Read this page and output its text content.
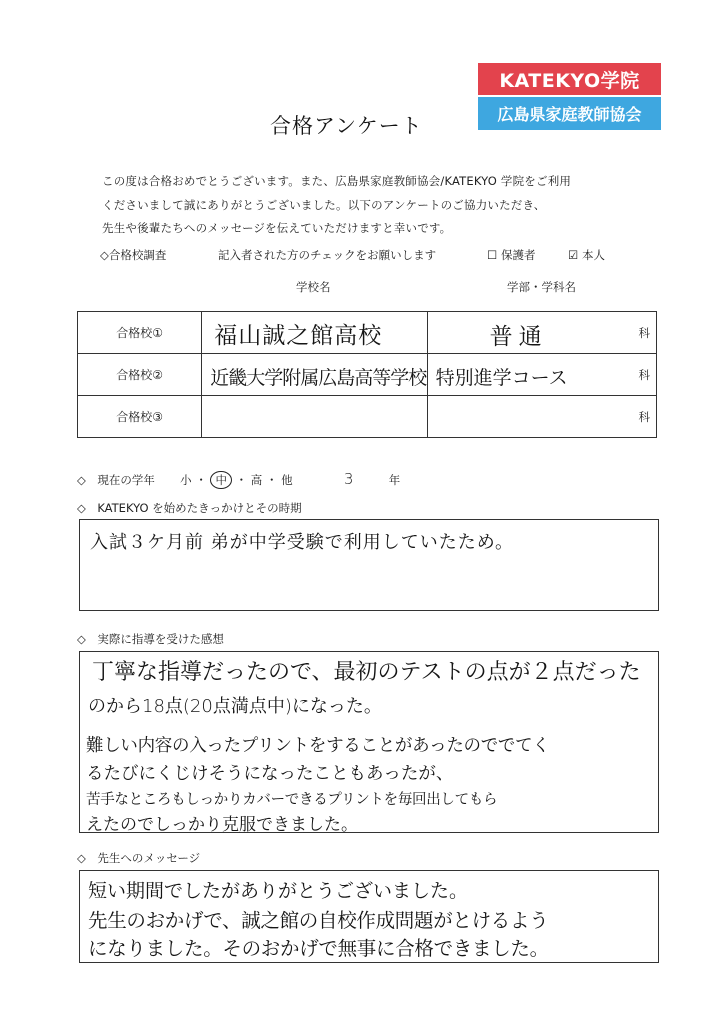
合格アンケート
KATEKYO学院
広島県家庭教師協会
この度は合格おめでとうございます。また、広島県家庭教師協会/KATEKYO 学院をご利用
くださいまして誠にありがとうございました。以下のアンケートのご協力いただき、
先生や後輩たちへのメッセージを伝えていただけますと幸いです。
◇合格校調査	記入者された方のチェックをお願いします	☐ 保護者	☑ 本人
学校名	学部・学科名
合格校①	福山誠之館高校	普通 科

合格校②	近畿大学附属広島高等学校	特別進学コース 科

合格校③		科
◇　現在の学年 小 ・ 中 ・ 高 ・ 他	3	年
◇　KATEKYO を始めたきっかけとその時期
入試３ケ月前 弟が中学受験で利用していたため。
◇　実際に指導を受けた感想
丁寧な指導だったので、最初のテストの点が２点だった
のから18点(20点満点中)になった。
難しい内容の入ったプリントをすることがあったのででてく
るたびにくじけそうになったこともあったが、
苦手なところもしっかりカバーできるプリントを毎回出してもら
えたのでしっかり克服できました。
◇　先生へのメッセージ
短い期間でしたがありがとうございました。
先生のおかげで、誠之館の自校作成問題がとけるよう
になりました。そのおかげで無事に合格できました。
